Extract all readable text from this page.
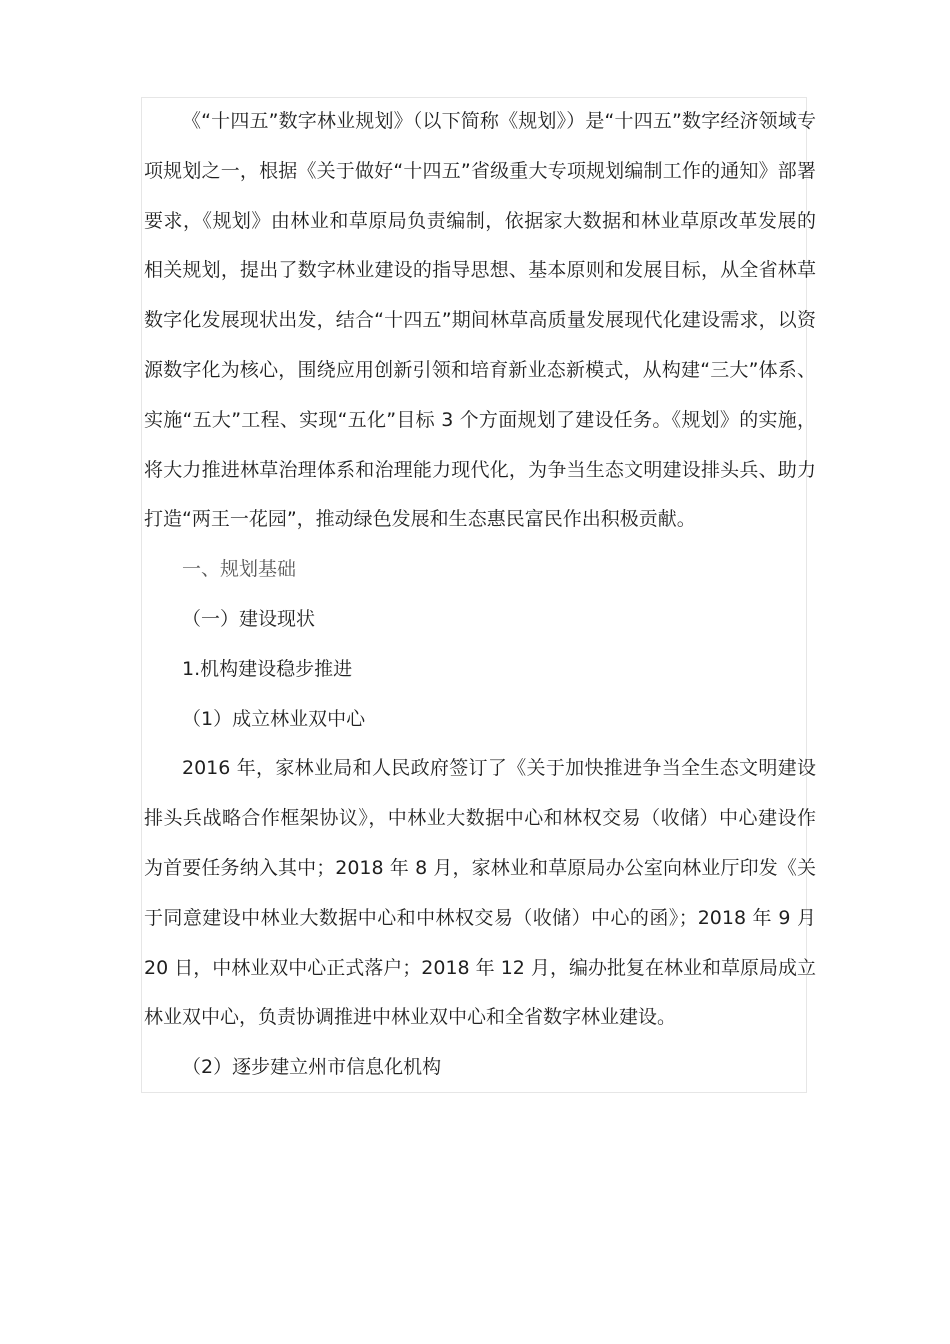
《“十四五”数字林业规划》（以下简称《规划》）是“十四五”数字经济领域专项规划之一，根据《关于做好“十四五”省级重大专项规划编制工作的通知》部署要求，《规划》由林业和草原局负责编制，依据家大数据和林业草原改革发展的相关规划，提出了数字林业建设的指导思想、基本原则和发展目标，从全省林草数字化发展现状出发，结合“十四五”期间林草高质量发展现代化建设需求，以资源数字化为核心，围绕应用创新引领和培育新业态新模式，从构建“三大”体系、实施“五大”工程、实现“五化”目标 3 个方面规划了建设任务。《规划》的实施，将大力推进林草治理体系和治理能力现代化，为争当生态文明建设排头兵、助力打造“两王一花园”，推动绿色发展和生态惠民富民作出积极贡献。

一、规划基础

（一）建设现状

1.机构建设稳步推进

（1）成立林业双中心

2016 年，家林业局和人民政府签订了《关于加快推进争当全生态文明建设排头兵战略合作框架协议》，中林业大数据中心和林权交易（收储）中心建设作为首要任务纳入其中；2018 年 8 月，家林业和草原局办公室向林业厅印发《关于同意建设中林业大数据中心和中林权交易（收储）中心的函》；2018 年 9 月 20 日，中林业双中心正式落户；2018 年 12 月，编办批复在林业和草原局成立林业双中心，负责协调推进中林业双中心和全省数字林业建设。

（2）逐步建立州市信息化机构
